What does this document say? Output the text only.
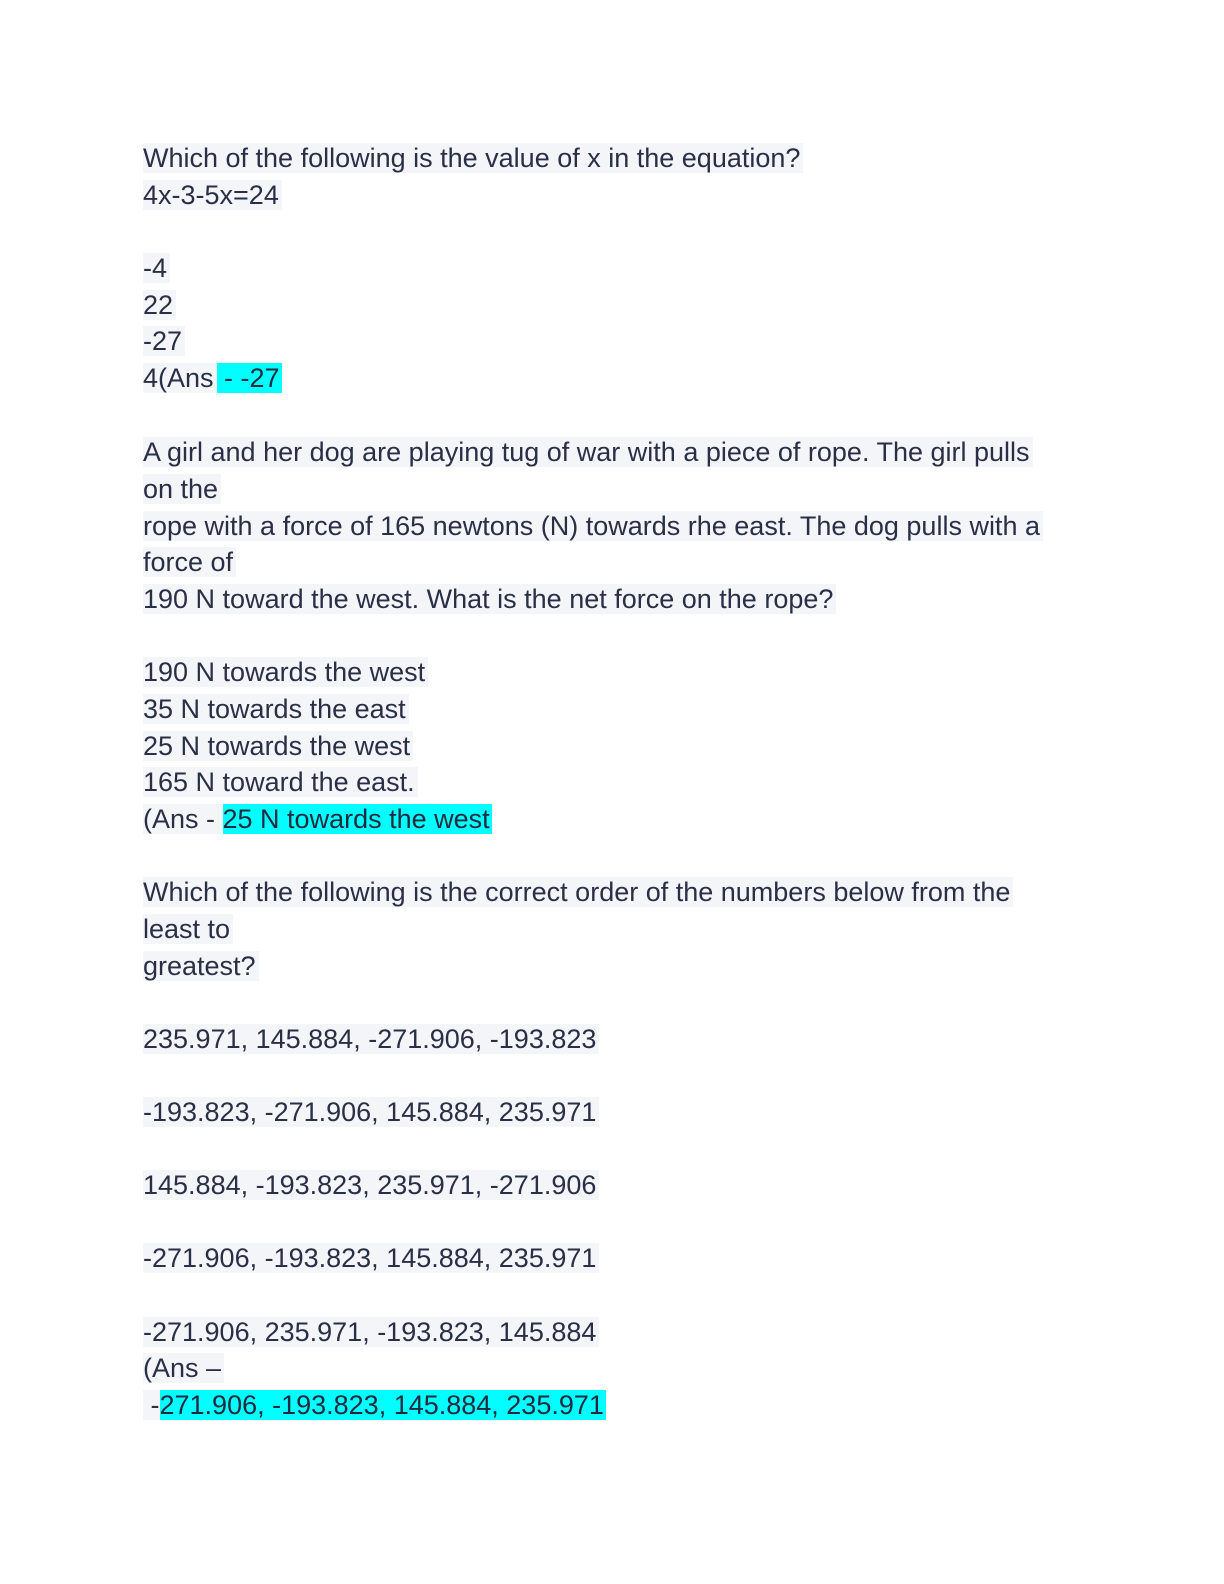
Which of the following is the value of x in the equation?
4x-3-5x=24
-4
22
-27
4(Ans - -27
A girl and her dog are playing tug of war with a piece of rope. The girl pulls
on the
rope with a force of 165 newtons (N) towards rhe east. The dog pulls with a
force of
190 N toward the west. What is the net force on the rope?
190 N towards the west
35 N towards the east
25 N towards the west
165 N toward the east.
(Ans - 25 N towards the west
Which of the following is the correct order of the numbers below from the
least to
greatest?
235.971, 145.884, -271.906, -193.823
-193.823, -271.906, 145.884, 235.971
145.884, -193.823, 235.971, -271.906
-271.906, -193.823, 145.884, 235.971
-271.906, 235.971, -193.823, 145.884
(Ans –
-271.906, -193.823, 145.884, 235.971
